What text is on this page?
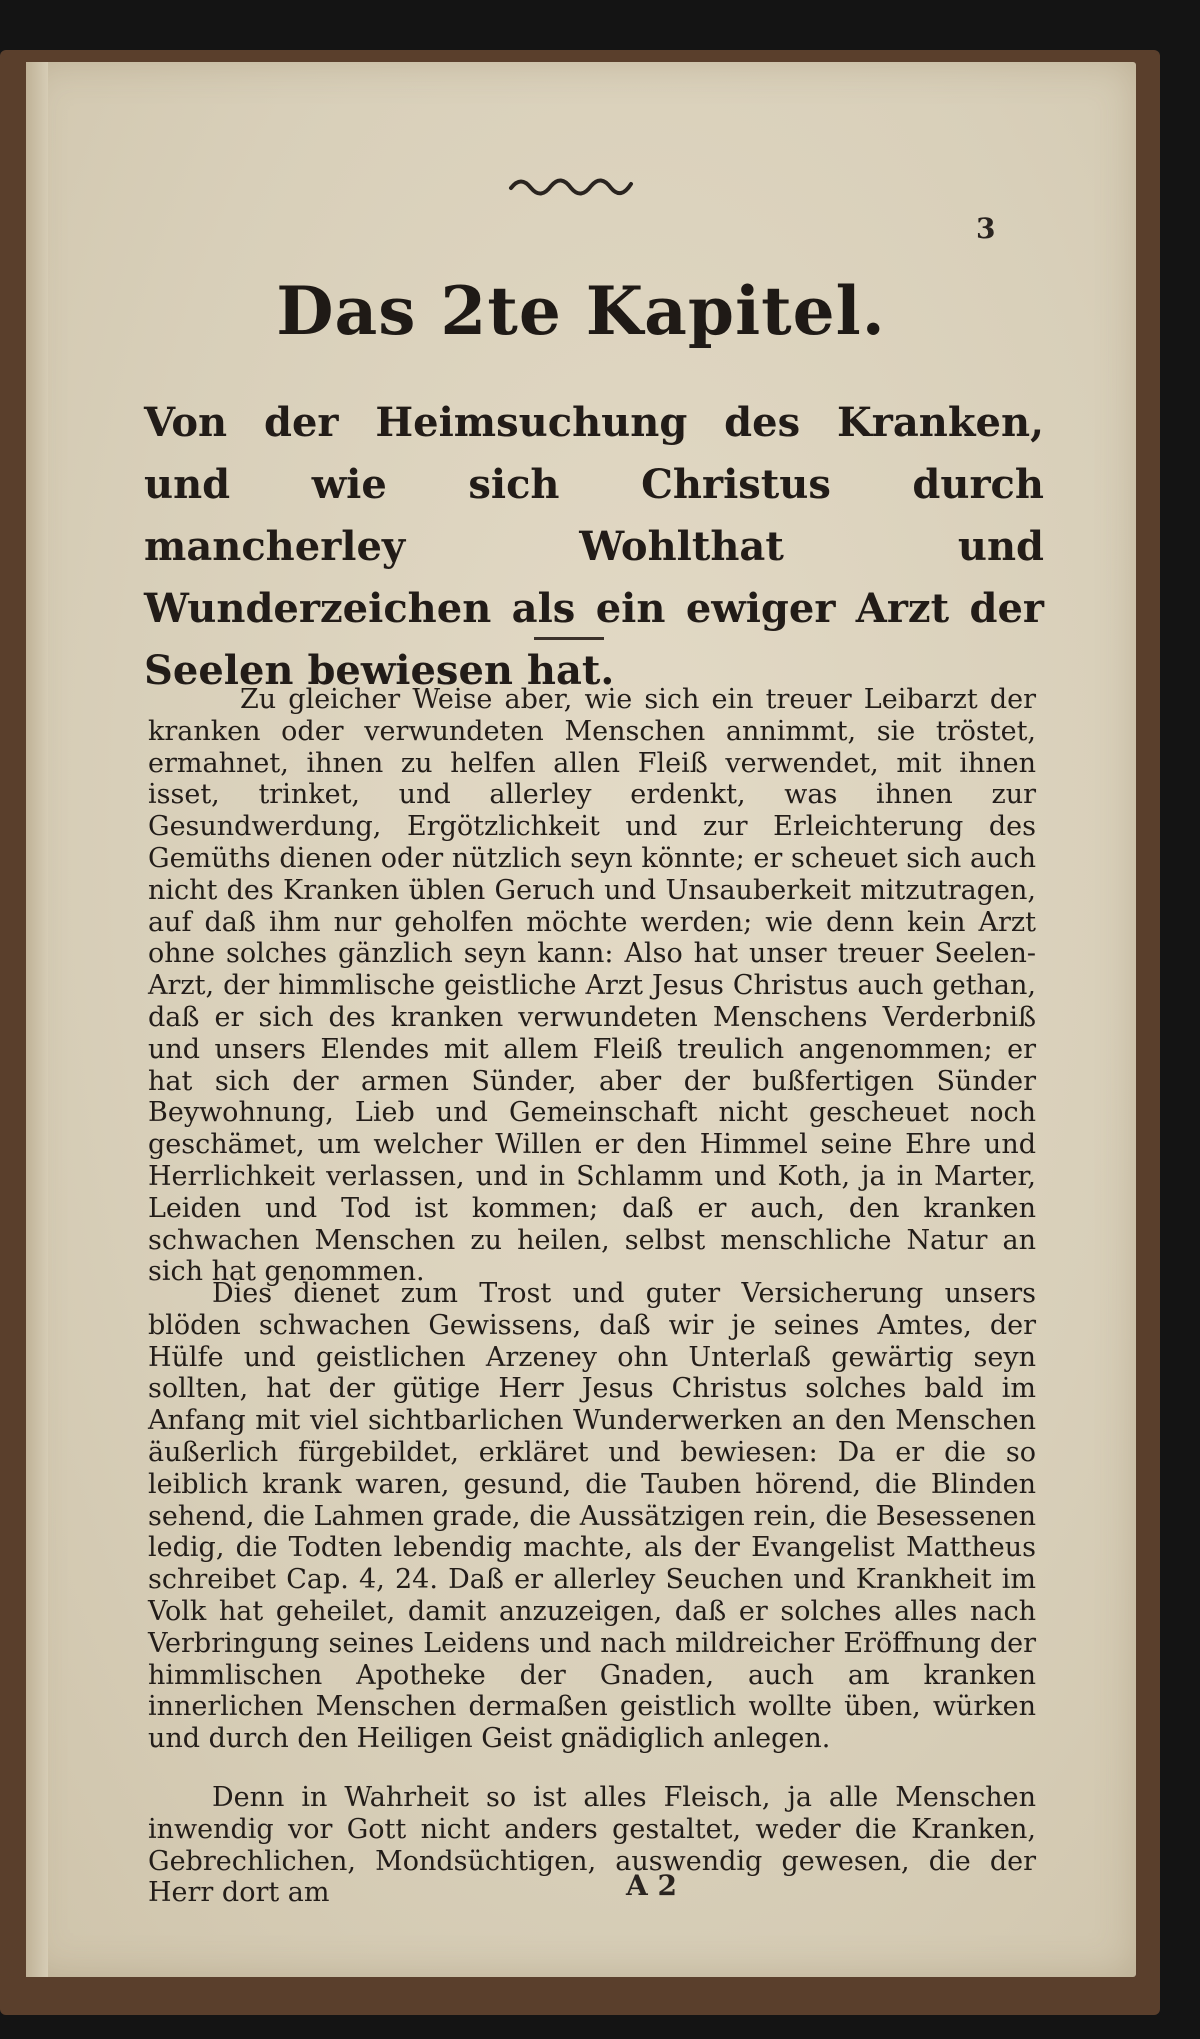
3
Das 2te Kapitel.
Von der Heimsuchung des Kranken, und wie sich Christus durch mancherley Wohlthat und Wunderzeichen als ein ewiger Arzt der Seelen bewiesen hat.
Zu gleicher Weise aber, wie sich ein treuer Leibarzt der kranken oder verwundeten Menschen annimmt, sie tröstet, ermahnet, ihnen zu helfen allen Fleiß verwendet, mit ihnen isset, trinket, und allerley erdenkt, was ihnen zur Gesundwerdung, Ergötzlichkeit und zur Erleichterung des Gemüths dienen oder nützlich seyn könnte; er scheuet sich auch nicht des Kranken üblen Geruch und Unsauberkeit mitzutragen, auf daß ihm nur geholfen möchte werden; wie denn kein Arzt ohne solches gänzlich seyn kann: Also hat unser treuer Seelen-Arzt, der himmlische geistliche Arzt Jesus Christus auch gethan, daß er sich des kranken verwundeten Menschens Verderbniß und unsers Elendes mit allem Fleiß treulich angenommen; er hat sich der armen Sünder, aber der bußfertigen Sünder Beywohnung, Lieb und Gemeinschaft nicht gescheuet noch geschämet, um welcher Willen er den Himmel seine Ehre und Herrlichkeit verlassen, und in Schlamm und Koth, ja in Marter, Leiden und Tod ist kommen; daß er auch, den kranken schwachen Menschen zu heilen, selbst menschliche Natur an sich hat genommen.
Dies dienet zum Trost und guter Versicherung unsers blöden schwachen Gewissens, daß wir je seines Amtes, der Hülfe und geistlichen Arzeney ohn Unterlaß gewärtig seyn sollten, hat der gütige Herr Jesus Christus solches bald im Anfang mit viel sichtbarlichen Wunderwerken an den Menschen äußerlich fürgebildet, erkläret und bewiesen: Da er die so leiblich krank waren, gesund, die Tauben hörend, die Blinden sehend, die Lahmen grade, die Aussätzigen rein, die Besessenen ledig, die Todten lebendig machte, als der Evangelist Mattheus schreibet Cap. 4, 24. Daß er allerley Seuchen und Krankheit im Volk hat geheilet, damit anzuzeigen, daß er solches alles nach Verbringung seines Leidens und nach mildreicher Eröffnung der himmlischen Apotheke der Gnaden, auch am kranken innerlichen Menschen dermaßen geistlich wollte üben, würken und durch den Heiligen Geist gnädiglich anlegen.
Denn in Wahrheit so ist alles Fleisch, ja alle Menschen inwendig vor Gott nicht anders gestaltet, weder die Kranken, Gebrechlichen, Mondsüchtigen, auswendig gewesen, die der Herr dort am	A 2
